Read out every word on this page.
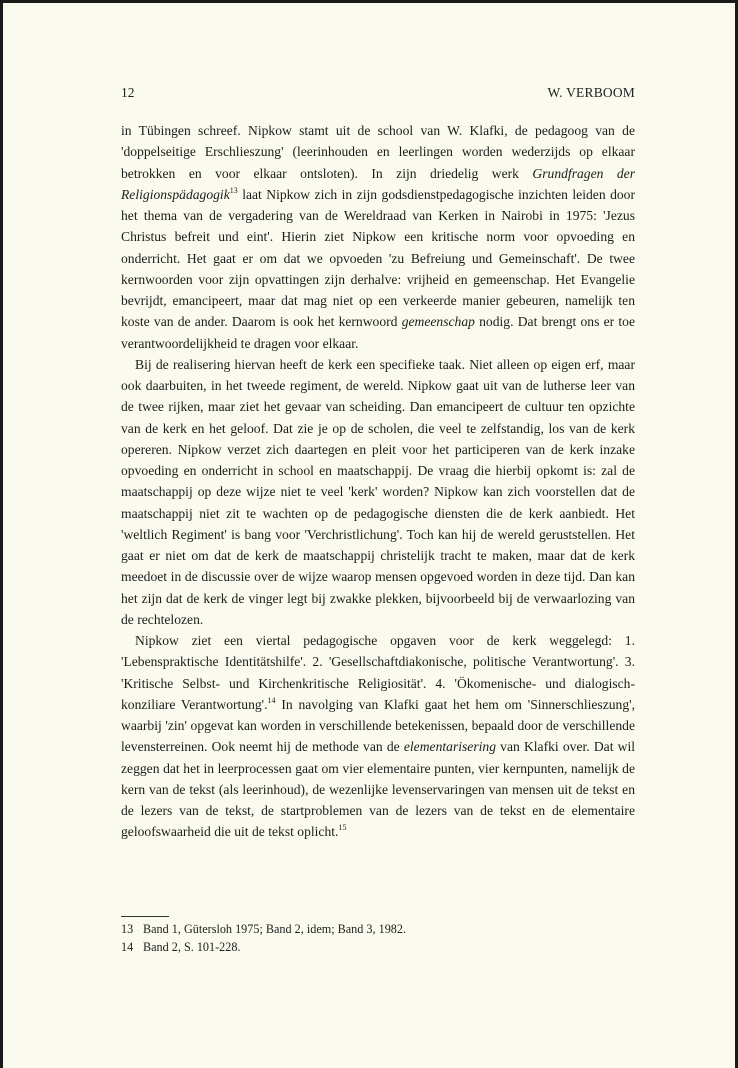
12	W. VERBOOM

in Tübingen schreef. Nipkow stamt uit de school van W. Klafki, de pedagoog van de 'doppelseitige Erschlieszung' (leerinhouden en leerlingen worden wederzijds op elkaar betrokken en voor elkaar ontsloten). In zijn driedelig werk Grundfragen der Religionspädagogik$^{13}$ laat Nipkow zich in zijn godsdienstpedagogische inzichten leiden door het thema van de vergadering van de Wereldraad van Kerken in Nairobi in 1975: 'Jezus Christus befreit und eint'. Hierin ziet Nipkow een kritische norm voor opvoeding en onderricht. Het gaat er om dat we opvoeden 'zu Befreiung und Gemeinschaft'. De twee kernwoorden voor zijn opvattingen zijn derhalve: vrijheid en gemeenschap. Het Evangelie bevrijdt, emancipeert, maar dat mag niet op een verkeerde manier gebeuren, namelijk ten koste van de ander. Daarom is ook het kernwoord gemeenschap nodig. Dat brengt ons er toe verantwoordelijkheid te dragen voor elkaar.

Bij de realisering hiervan heeft de kerk een specifieke taak. Niet alleen op eigen erf, maar ook daarbuiten, in het tweede regiment, de wereld. Nipkow gaat uit van de lutherse leer van de twee rijken, maar ziet het gevaar van scheiding. Dan emancipeert de cultuur ten opzichte van de kerk en het geloof. Dat zie je op de scholen, die veel te zelfstandig, los van de kerk opereren. Nipkow verzet zich daartegen en pleit voor het participeren van de kerk inzake opvoeding en onderricht in school en maatschappij. De vraag die hierbij opkomt is: zal de maatschappij op deze wijze niet te veel 'kerk' worden? Nipkow kan zich voorstellen dat de maatschappij niet zit te wachten op de pedagogische diensten die de kerk aanbiedt. Het 'weltlich Regiment' is bang voor 'Verchristlichung'. Toch kan hij de wereld geruststellen. Het gaat er niet om dat de kerk de maatschappij christelijk tracht te maken, maar dat de kerk meedoet in de discussie over de wijze waarop mensen opgevoed worden in deze tijd. Dan kan het zijn dat de kerk de vinger legt bij zwakke plekken, bijvoorbeeld bij de verwaarlozing van de rechtelozen.

Nipkow ziet een viertal pedagogische opgaven voor de kerk weggelegd: 1. 'Lebenspraktische Identitätshilfe'. 2. 'Gesellschaftdiakonische, politische Verantwortung'. 3. 'Kritische Selbst- und Kirchenkritische Religiosität'. 4. 'Ökomenische- und dialogisch-konziliare Verantwortung'.$^{14}$ In navolging van Klafki gaat het hem om 'Sinnerschlieszung', waarbij 'zin' opgevat kan worden in verschillende betekenissen, bepaald door de verschillende levensterreinen. Ook neemt hij de methode van de elementarisering van Klafki over. Dat wil zeggen dat het in leerprocessen gaat om vier elementaire punten, vier kernpunten, namelijk de kern van de tekst (als leerinhoud), de wezenlijke levenservaringen van mensen uit de tekst en de lezers van de tekst, de startproblemen van de lezers van de tekst en de elementaire geloofswaarheid die uit de tekst oplicht.$^{15}$

13 Band 1, Gütersloh 1975; Band 2, idem; Band 3, 1982.
14 Band 2, S. 101-228.
